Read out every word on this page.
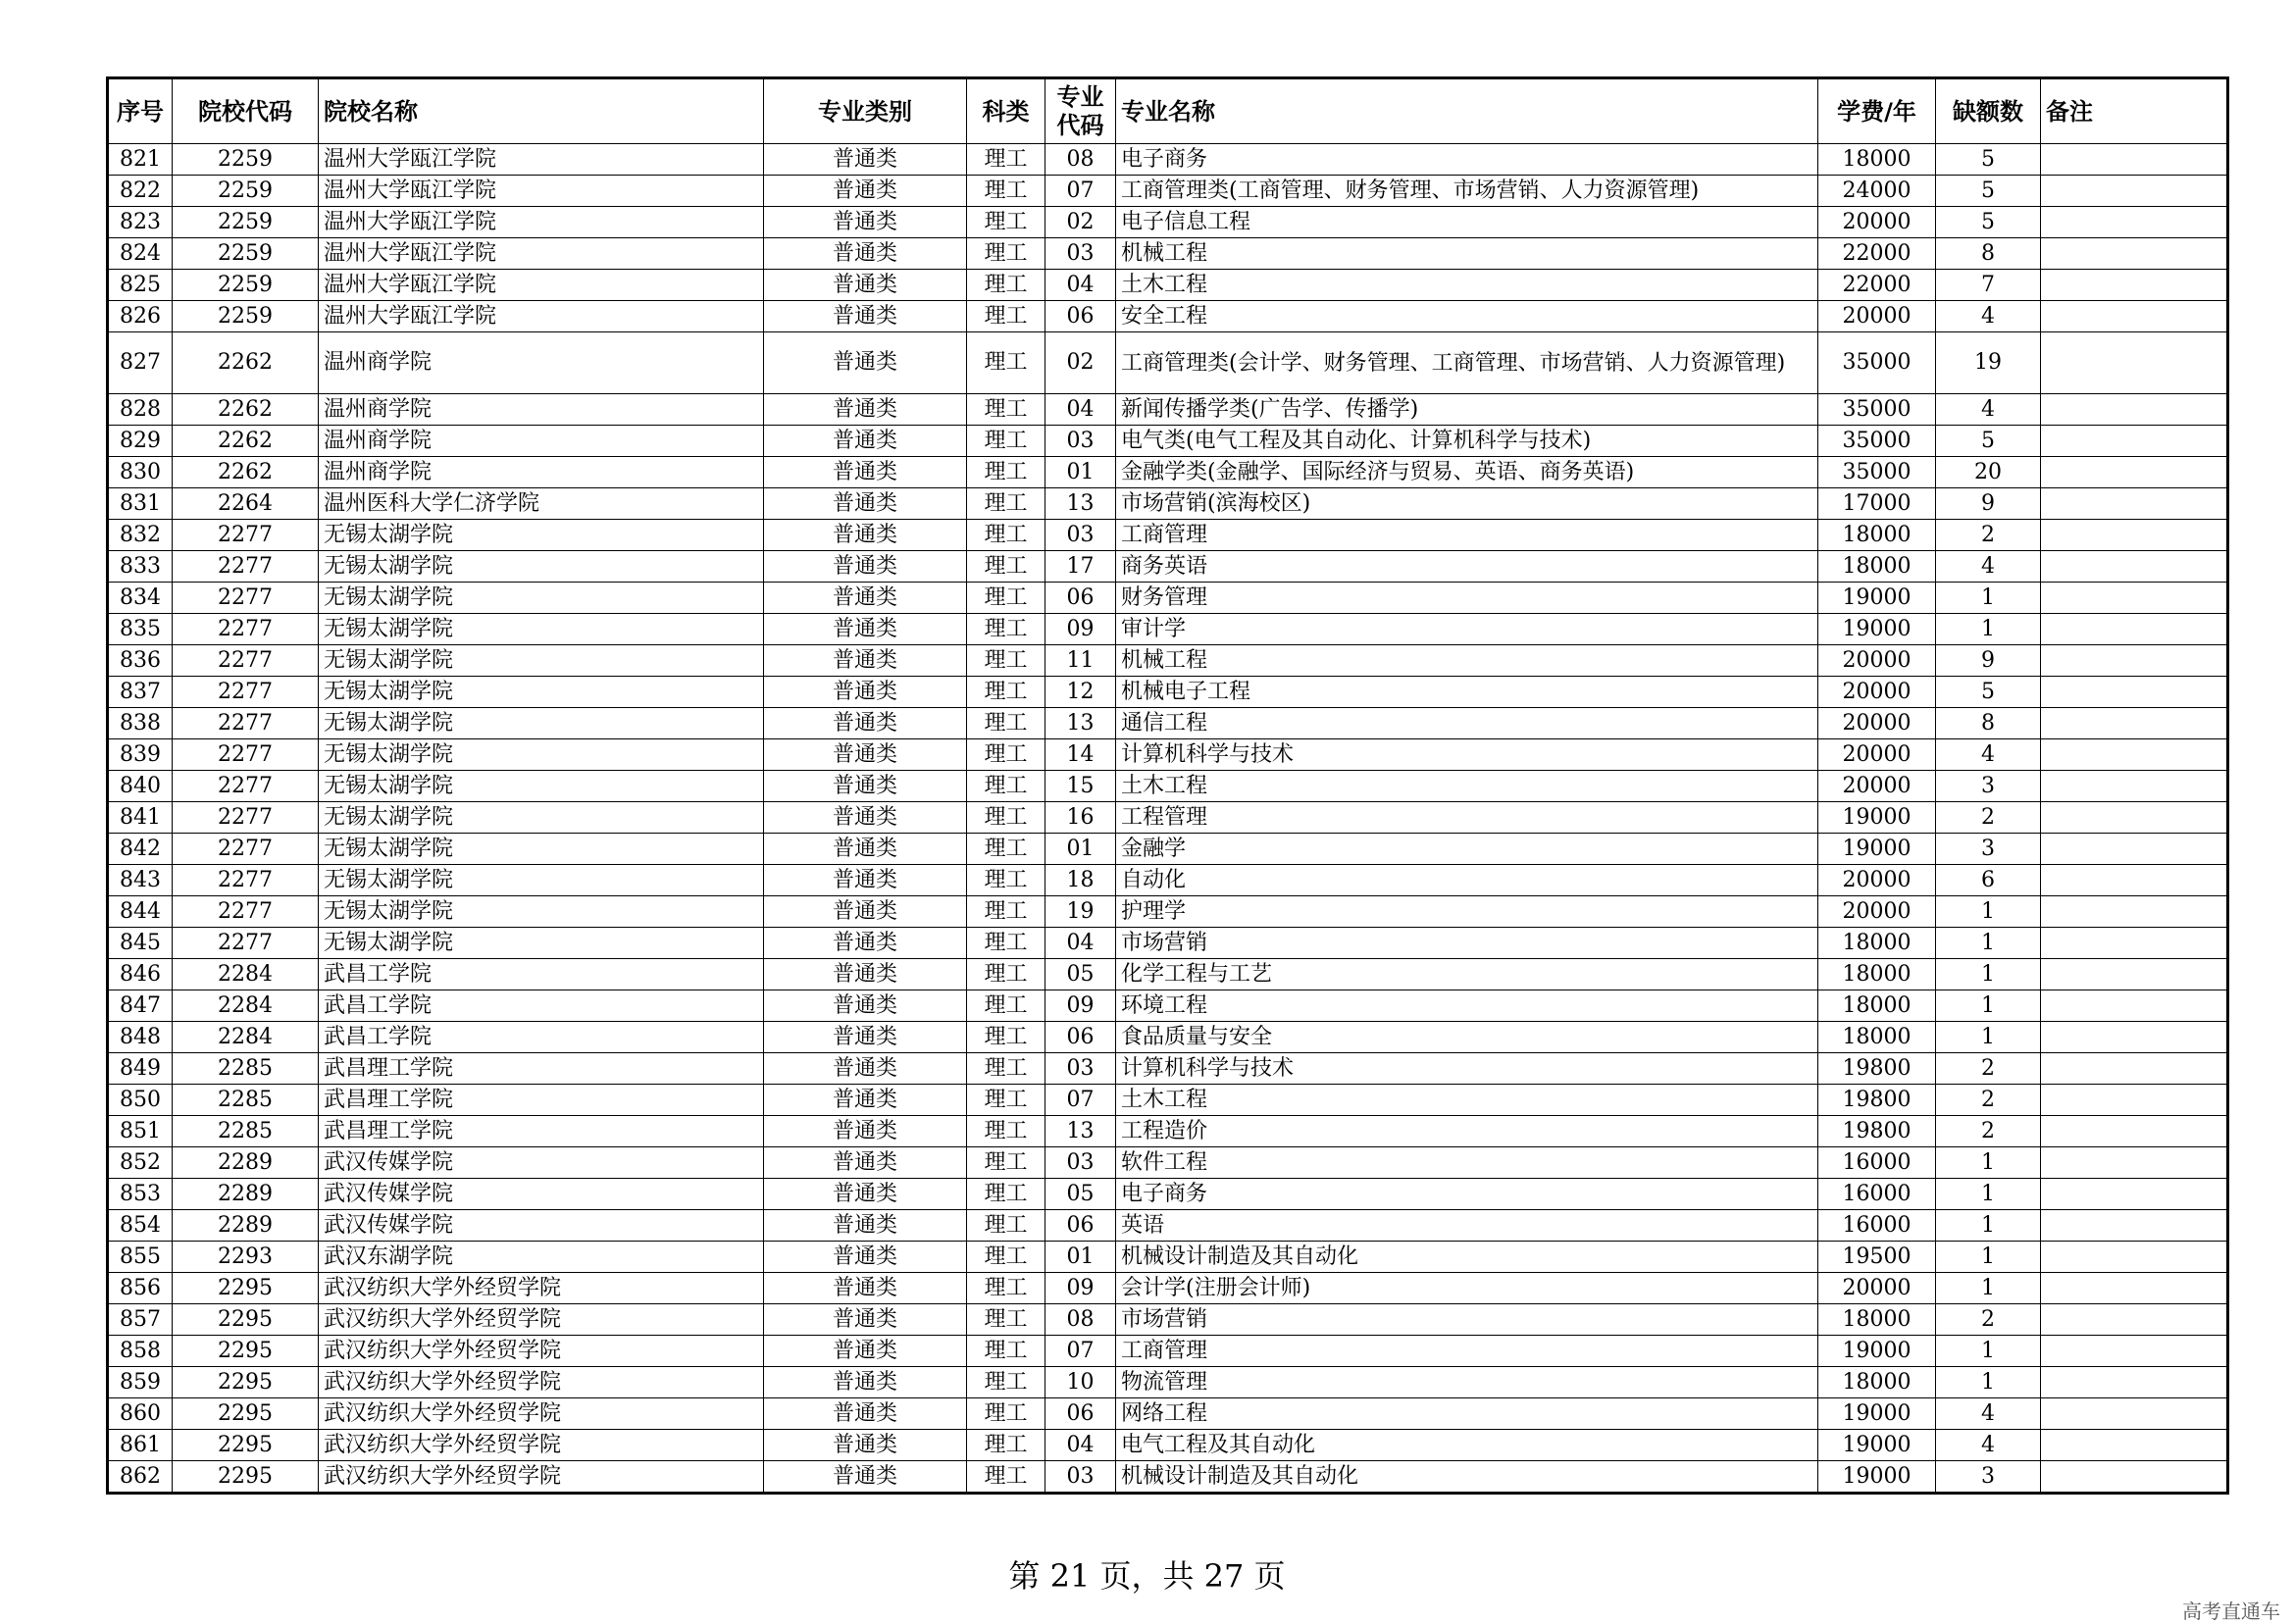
序号	院校代码	院校名称	专业类别	科类	专业代码	专业名称	学费/年	缺额数	备注
821	2259	温州大学瓯江学院	普通类	理工	08	电子商务	18000	5	
822	2259	温州大学瓯江学院	普通类	理工	07	工商管理类(工商管理、财务管理、市场营销、人力资源管理)	24000	5	
823	2259	温州大学瓯江学院	普通类	理工	02	电子信息工程	20000	5	
824	2259	温州大学瓯江学院	普通类	理工	03	机械工程	22000	8	
825	2259	温州大学瓯江学院	普通类	理工	04	土木工程	22000	7	
826	2259	温州大学瓯江学院	普通类	理工	06	安全工程	20000	4	
827	2262	温州商学院	普通类	理工	02	工商管理类(会计学、财务管理、工商管理、市场营销、人力资源管理)	35000	19	
828	2262	温州商学院	普通类	理工	04	新闻传播学类(广告学、传播学)	35000	4	
829	2262	温州商学院	普通类	理工	03	电气类(电气工程及其自动化、计算机科学与技术)	35000	5	
830	2262	温州商学院	普通类	理工	01	金融学类(金融学、国际经济与贸易、英语、商务英语)	35000	20	
831	2264	温州医科大学仁济学院	普通类	理工	13	市场营销(滨海校区)	17000	9	
832	2277	无锡太湖学院	普通类	理工	03	工商管理	18000	2	
833	2277	无锡太湖学院	普通类	理工	17	商务英语	18000	4	
834	2277	无锡太湖学院	普通类	理工	06	财务管理	19000	1	
835	2277	无锡太湖学院	普通类	理工	09	审计学	19000	1	
836	2277	无锡太湖学院	普通类	理工	11	机械工程	20000	9	
837	2277	无锡太湖学院	普通类	理工	12	机械电子工程	20000	5	
838	2277	无锡太湖学院	普通类	理工	13	通信工程	20000	8	
839	2277	无锡太湖学院	普通类	理工	14	计算机科学与技术	20000	4	
840	2277	无锡太湖学院	普通类	理工	15	土木工程	20000	3	
841	2277	无锡太湖学院	普通类	理工	16	工程管理	19000	2	
842	2277	无锡太湖学院	普通类	理工	01	金融学	19000	3	
843	2277	无锡太湖学院	普通类	理工	18	自动化	20000	6	
844	2277	无锡太湖学院	普通类	理工	19	护理学	20000	1	
845	2277	无锡太湖学院	普通类	理工	04	市场营销	18000	1	
846	2284	武昌工学院	普通类	理工	05	化学工程与工艺	18000	1	
847	2284	武昌工学院	普通类	理工	09	环境工程	18000	1	
848	2284	武昌工学院	普通类	理工	06	食品质量与安全	18000	1	
849	2285	武昌理工学院	普通类	理工	03	计算机科学与技术	19800	2	
850	2285	武昌理工学院	普通类	理工	07	土木工程	19800	2	
851	2285	武昌理工学院	普通类	理工	13	工程造价	19800	2	
852	2289	武汉传媒学院	普通类	理工	03	软件工程	16000	1	
853	2289	武汉传媒学院	普通类	理工	05	电子商务	16000	1	
854	2289	武汉传媒学院	普通类	理工	06	英语	16000	1	
855	2293	武汉东湖学院	普通类	理工	01	机械设计制造及其自动化	19500	1	
856	2295	武汉纺织大学外经贸学院	普通类	理工	09	会计学(注册会计师)	20000	1	
857	2295	武汉纺织大学外经贸学院	普通类	理工	08	市场营销	18000	2	
858	2295	武汉纺织大学外经贸学院	普通类	理工	07	工商管理	19000	1	
859	2295	武汉纺织大学外经贸学院	普通类	理工	10	物流管理	18000	1	
860	2295	武汉纺织大学外经贸学院	普通类	理工	06	网络工程	19000	4	
861	2295	武汉纺织大学外经贸学院	普通类	理工	04	电气工程及其自动化	19000	4	
862	2295	武汉纺织大学外经贸学院	普通类	理工	03	机械设计制造及其自动化	19000	3	
第 21 页，共 27 页
高考直通车
